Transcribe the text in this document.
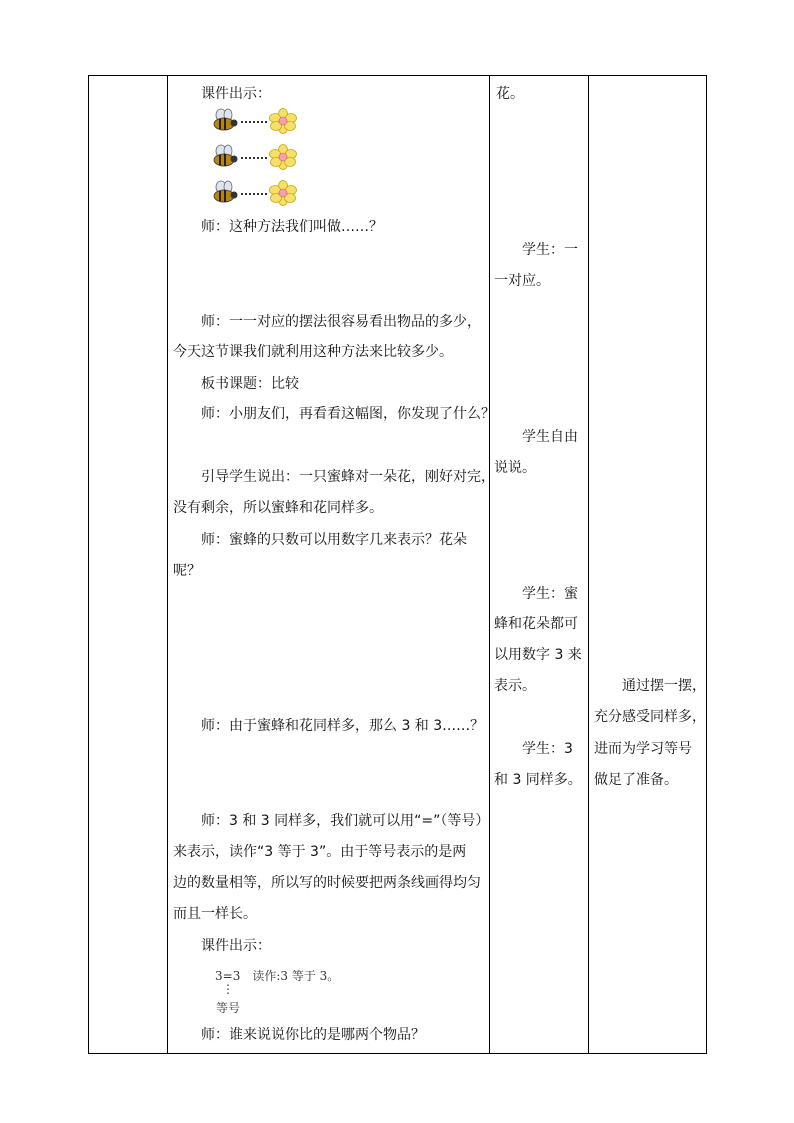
课件出示：
师：这种方法我们叫做……？
师：一一对应的摆法很容易看出物品的多少，
今天这节课我们就利用这种方法来比较多少。
板书课题：比较
师：小朋友们，再看看这幅图，你发现了什么？
引导学生说出：一只蜜蜂对一朵花，刚好对完，
没有剩余，所以蜜蜂和花同样多。
师：蜜蜂的只数可以用数字几来表示？花朵
呢？
师：由于蜜蜂和花同样多，那么 3 和 3……？
师：3 和 3 同样多，我们就可以用“=”（等号）
来表示，读作“3 等于 3”。由于等号表示的是两
边的数量相等，所以写的时候要把两条线画得均匀
而且一样长。
课件出示：
3=3　读作:3 等于 3。
⋮
等号
师：谁来说说你比的是哪两个物品？
花。
学生：一
一对应。
学生自由
说说。
学生：蜜
蜂和花朵都可
以用数字 3 来
表示。
学生：3
和 3 同样多。
通过摆一摆，
充分感受同样多，
进而为学习等号
做足了准备。
